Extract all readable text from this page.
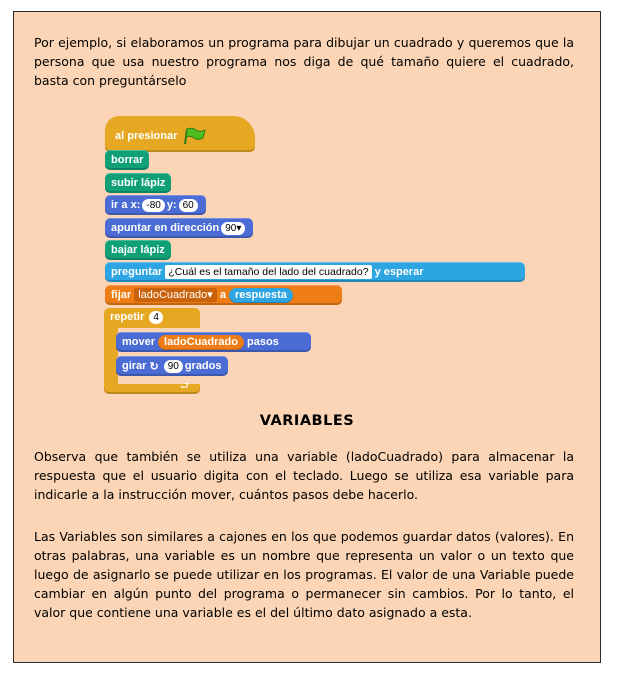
Por ejemplo, si elaboramos un programa para dibujar un cuadrado y queremos que la persona que usa nuestro programa nos diga de qué tamaño quiere el cuadrado, basta con preguntárselo

al presionar
borrar
subir lápiz
ir a x: -80 y: 60
apuntar en dirección 90▾
bajar lápiz
preguntar ¿Cuál es el tamaño del lado del cuadrado? y esperar
fijar ladoCuadrado▾ a respuesta
repetir 4
⮐
mover ladoCuadrado pasos
girar ↻ 90 grados
VARIABLES

Observa que también se utiliza una variable (ladoCuadrado) para almacenar la respuesta que el usuario digita con el teclado. Luego se utiliza esa variable para indicarle a la instrucción mover, cuántos pasos debe hacerlo.

Las Variables son similares a cajones en los que podemos guardar datos (valores). En otras palabras, una variable es un nombre que representa un valor o un texto que luego de asignarlo se puede utilizar en los programas. El valor de una Variable puede cambiar en algún punto del programa o permanecer sin cambios. Por lo tanto, el valor que contiene una variable es el del último dato asignado a esta.
